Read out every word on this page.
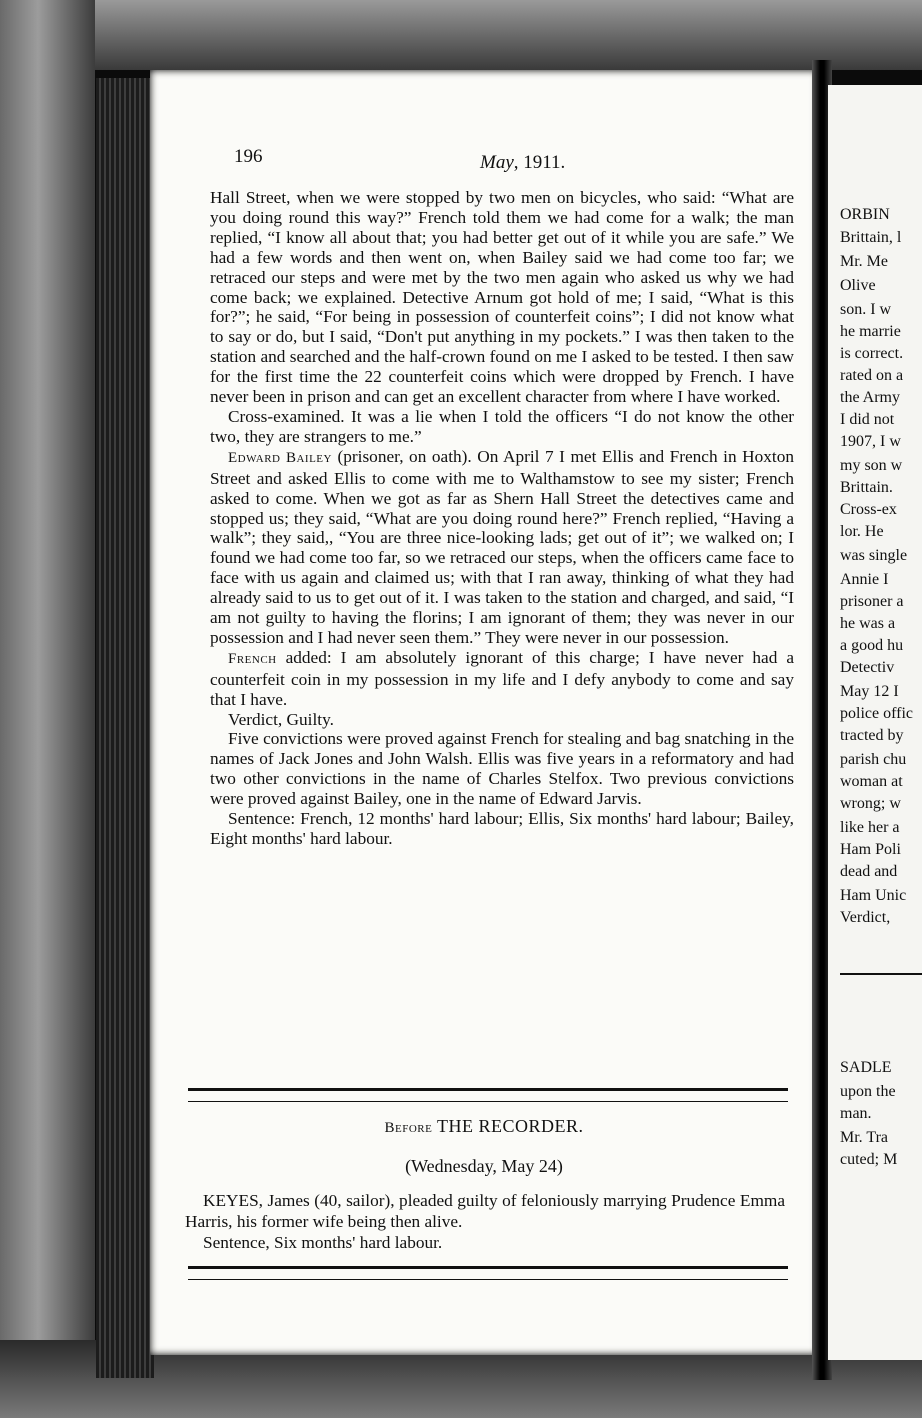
196	May, 1911.

Hall Street, when we were stopped by two men on bicycles, who said: “What are you doing round this way?” French told them we had come for a walk; the man replied, “I know all about that; you had better get out of it while you are safe.” We had a few words and then went on, when Bailey said we had come too far; we retraced our steps and were met by the two men again who asked us why we had come back; we explained. Detective Arnum got hold of me; I said, “What is this for?”; he said, “For being in possession of counterfeit coins”; I did not know what to say or do, but I said, “Don't put anything in my pockets.” I was then taken to the station and searched and the half-crown found on me I asked to be tested. I then saw for the first time the 22 counterfeit coins which were dropped by French. I have never been in prison and can get an excellent character from where I have worked.

Cross-examined. It was a lie when I told the officers “I do not know the other two, they are strangers to me.”

Edward Bailey (prisoner, on oath). On April 7 I met Ellis and French in Hoxton Street and asked Ellis to come with me to Walthamstow to see my sister; French asked to come. When we got as far as Shern Hall Street the detectives came and stopped us; they said, “What are you doing round here?” French replied, “Having a walk”; they said,, “You are three nice-looking lads; get out of it”; we walked on; I found we had come too far, so we retraced our steps, when the officers came face to face with us again and claimed us; with that I ran away, thinking of what they had already said to us to get out of it. I was taken to the station and charged, and said, “I am not guilty to having the florins; I am ignorant of them; they was never in our possession and I had never seen them.” They were never in our possession.

French added: I am absolutely ignorant of this charge; I have never had a counterfeit coin in my possession in my life and I defy anybody to come and say that I have.

Verdict, Guilty.

Five convictions were proved against French for stealing and bag snatching in the names of Jack Jones and John Walsh. Ellis was five years in a reformatory and had two other convictions in the name of Charles Stelfox. Two previous convictions were proved against Bailey, one in the name of Edward Jarvis.

Sentence: French, 12 months' hard labour; Ellis, Six months' hard labour; Bailey, Eight months' hard labour.

Before THE RECORDER.
(Wednesday, May 24)

KEYES, James (40, sailor), pleaded guilty of feloniously marrying Prudence Emma Harris, his former wife being then alive.

Sentence, Six months' hard labour.

ORBIN
Brittain, l
Mr. Me
Olive
son. I w
he marrie
is correct.
rated on a
the Army
I did not
1907, I w
my son w
Brittain.
Cross-ex
lor. He
was single
Annie I
prisoner a
he was a
a good hu
Detectiv
May 12 I
police offic
tracted by
parish chu
woman at
wrong; w
like her a
Ham Poli
dead and
Ham Unic
Verdict,
SADLE
upon the
man.
Mr. Tra
cuted; M
